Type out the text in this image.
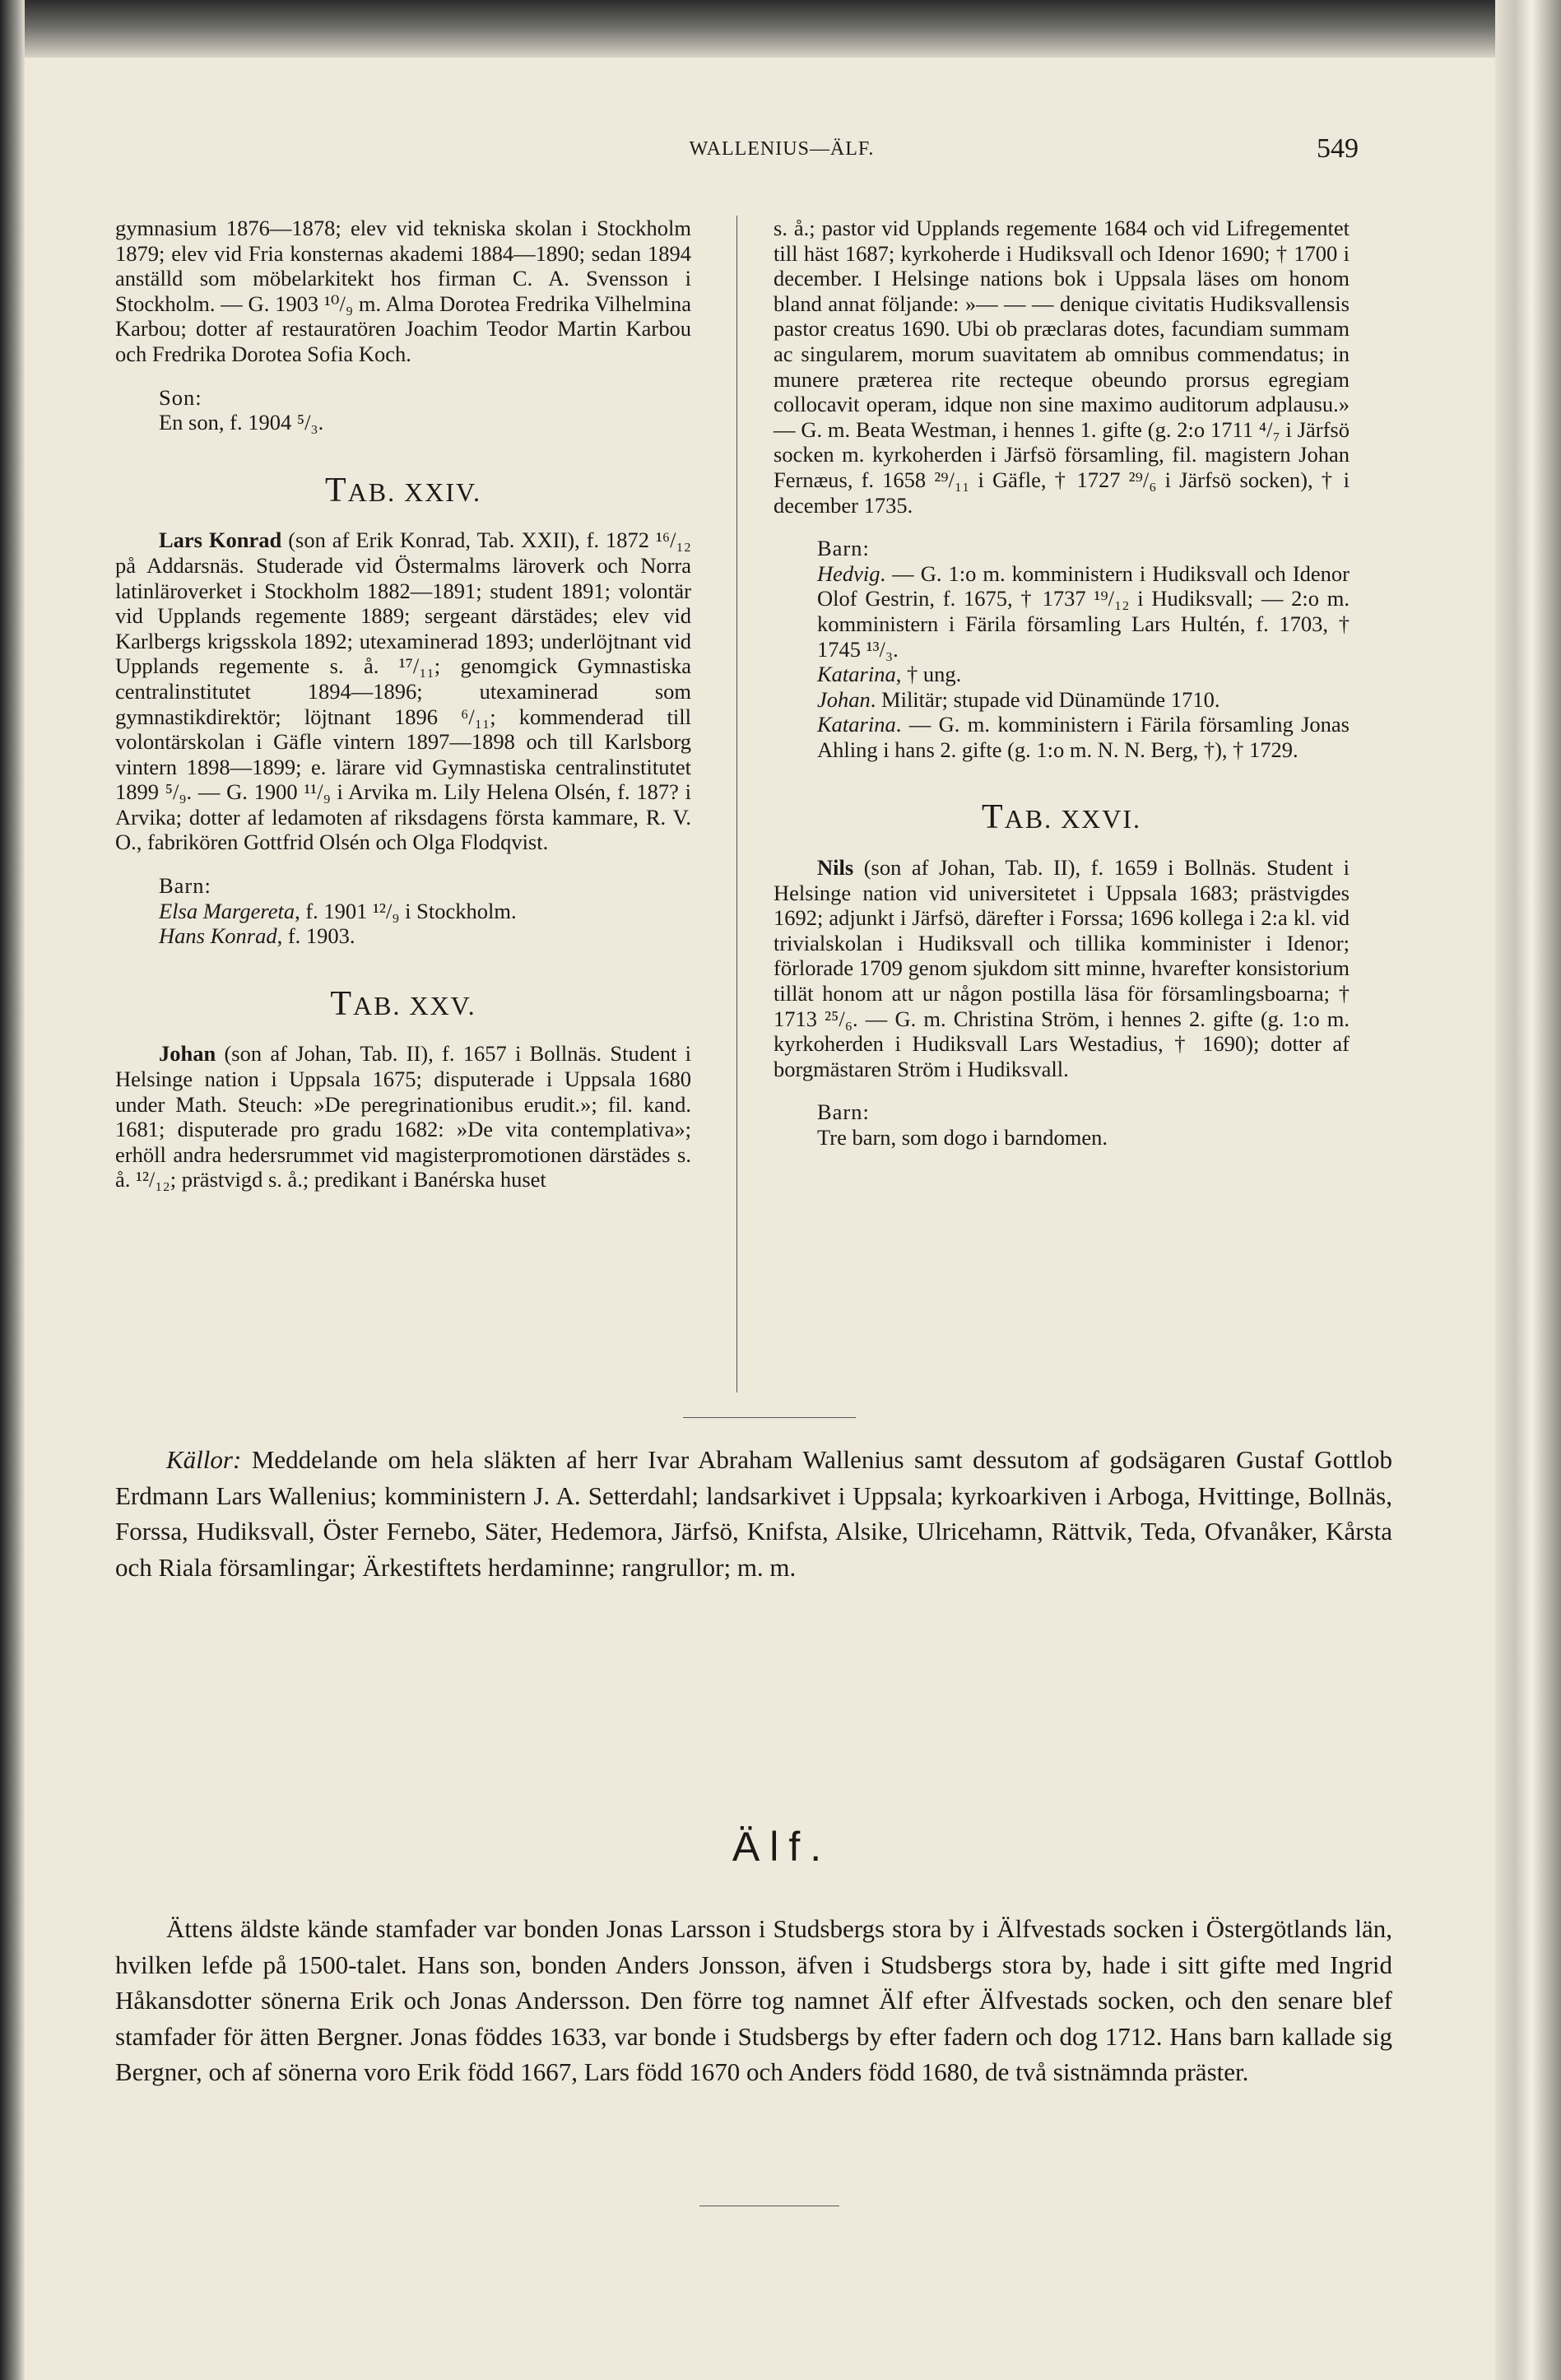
WALLENIUS—ÄLF.	549

gymnasium 1876—1878; elev vid tekniska skolan i Stockholm 1879; elev vid Fria konsternas akademi 1884—1890; sedan 1894 anställd som möbelarkitekt hos firman C. A. Svensson i Stockholm. — G. 1903 ¹⁰/₉ m. Alma Dorotea Fredrika Vilhelmina Karbou; dotter af restauratören Joachim Teodor Martin Karbou och Fredrika Dorotea Sofia Koch.

Son:

En son, f. 1904 ⁵/₃.

TAB. XXIV.

Lars Konrad (son af Erik Konrad, Tab. XXII), f. 1872 ¹⁶/₁₂ på Addarsnäs. Studerade vid Östermalms läroverk och Norra latinläroverket i Stockholm 1882—1891; student 1891; volontär vid Upplands regemente 1889; sergeant därstädes; elev vid Karlbergs krigsskola 1892; utexaminerad 1893; underlöjtnant vid Upplands regemente s. å. ¹⁷/₁₁; genomgick Gymnastiska centralinstitutet 1894—1896; utexaminerad som gymnastikdirektör; löjtnant 1896 ⁶/₁₁; kommenderad till volontärskolan i Gäfle vintern 1897—1898 och till Karlsborg vintern 1898—1899; e. lärare vid Gymnastiska centralinstitutet 1899 ⁵/₉. — G. 1900 ¹¹/₉ i Arvika m. Lily Helena Olsén, f. 187? i Arvika; dotter af ledamoten af riksdagens första kammare, R. V. O., fabrikören Gottfrid Olsén och Olga Flodqvist.

Barn:

Elsa Margereta, f. 1901 ¹²/₉ i Stockholm.

Hans Konrad, f. 1903.

TAB. XXV.

Johan (son af Johan, Tab. II), f. 1657 i Bollnäs. Student i Helsinge nation i Uppsala 1675; disputerade i Uppsala 1680 under Math. Steuch: »De peregrinationibus erudit.»; fil. kand. 1681; disputerade pro gradu 1682: »De vita contemplativa»; erhöll andra hedersrummet vid magisterpromotionen därstädes s. å. ¹²/₁₂; prästvigd s. å.; predikant i Banérska huset

s. å.; pastor vid Upplands regemente 1684 och vid Lifregementet till häst 1687; kyrkoherde i Hudiksvall och Idenor 1690; † 1700 i december. I Helsinge nations bok i Uppsala läses om honom bland annat följande: »— — — denique civitatis Hudiksvallensis pastor creatus 1690. Ubi ob præclaras dotes, facundiam summam ac singularem, morum suavitatem ab omnibus commendatus; in munere præterea rite recteque obeundo prorsus egregiam collocavit operam, idque non sine maximo auditorum adplausu.» — G. m. Beata Westman, i hennes 1. gifte (g. 2:o 1711 ⁴/₇ i Järfsö socken m. kyrkoherden i Järfsö församling, fil. magistern Johan Fernæus, f. 1658 ²⁹/₁₁ i Gäfle, † 1727 ²⁹/₆ i Järfsö socken), † i december 1735.

Barn:

Hedvig. — G. 1:o m. komministern i Hudiksvall och Idenor Olof Gestrin, f. 1675, † 1737 ¹⁹/₁₂ i Hudiksvall; — 2:o m. komministern i Färila församling Lars Hultén, f. 1703, † 1745 ¹³/₃.

Katarina, † ung.

Johan. Militär; stupade vid Dünamünde 1710.

Katarina. — G. m. komministern i Färila församling Jonas Ahling i hans 2. gifte (g. 1:o m. N. N. Berg, †), † 1729.

TAB. XXVI.

Nils (son af Johan, Tab. II), f. 1659 i Bollnäs. Student i Helsinge nation vid universitetet i Uppsala 1683; prästvigdes 1692; adjunkt i Järfsö, därefter i Forssa; 1696 kollega i 2:a kl. vid trivialskolan i Hudiksvall och tillika komminister i Idenor; förlorade 1709 genom sjukdom sitt minne, hvarefter konsistorium tillät honom att ur någon postilla läsa för församlingsboarna; † 1713 ²⁵/₆. — G. m. Christina Ström, i hennes 2. gifte (g. 1:o m. kyrkoherden i Hudiksvall Lars Westadius, † 1690); dotter af borgmästaren Ström i Hudiksvall.

Barn:

Tre barn, som dogo i barndomen.

Källor: Meddelande om hela släkten af herr Ivar Abraham Wallenius samt dessutom af godsägaren Gustaf Gottlob Erdmann Lars Wallenius; komministern J. A. Setterdahl; landsarkivet i Uppsala; kyrkoarkiven i Arboga, Hvittinge, Bollnäs, Forssa, Hudiksvall, Öster Fernebo, Säter, Hedemora, Järfsö, Knifsta, Alsike, Ulricehamn, Rättvik, Teda, Ofvanåker, Kårsta och Riala församlingar; Ärkestiftets herdaminne; rangrullor; m. m.

Älf.

Ättens äldste kände stamfader var bonden Jonas Larsson i Studsbergs stora by i Älfvestads socken i Östergötlands län, hvilken lefde på 1500-talet. Hans son, bonden Anders Jonsson, äfven i Studsbergs stora by, hade i sitt gifte med Ingrid Håkansdotter sönerna Erik och Jonas Andersson. Den förre tog namnet Älf efter Älfvestads socken, och den senare blef stamfader för ätten Bergner. Jonas föddes 1633, var bonde i Studsbergs by efter fadern och dog 1712. Hans barn kallade sig Bergner, och af sönerna voro Erik född 1667, Lars född 1670 och Anders född 1680, de två sistnämnda präster.
